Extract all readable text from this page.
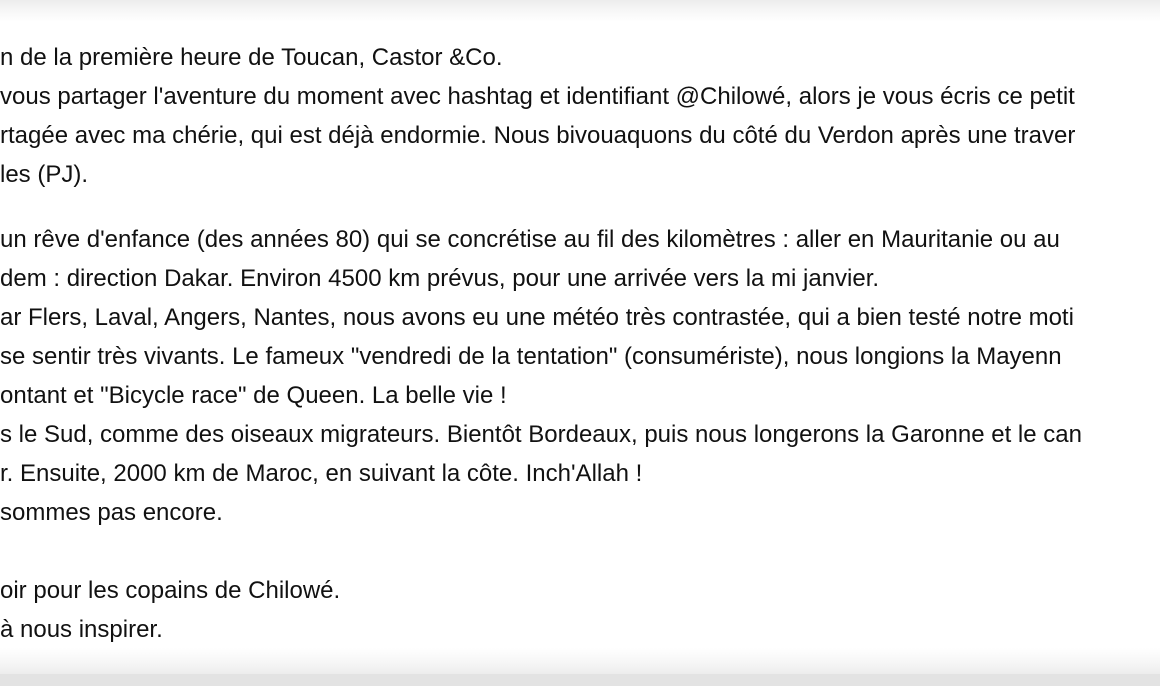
n de la première heure de Toucan, Castor &Co.
vous partager l'aventure du moment avec hashtag et identifiant @Chilowé, alors je vous écris ce petit
rtagée avec ma chérie, qui est déjà endormie. Nous bivouaquons du côté du Verdon après une traver
les (PJ).
un rêve d'enfance (des années 80) qui se concrétise au fil des kilomètres : aller en Mauritanie ou au
dem : direction Dakar. Environ 4500 km prévus, pour une arrivée vers la mi janvier.
ar Flers, Laval, Angers, Nantes, nous avons eu une météo très contrastée, qui a bien testé notre moti
se sentir très vivants. Le fameux "vendredi de la tentation" (consumériste), nous longions la Mayenn
ontant et "Bicycle race" de Queen. La belle vie !
s le Sud, comme des oiseaux migrateurs. Bientôt Bordeaux, puis nous longerons la Garonne et le can
r. Ensuite, 2000 km de Maroc, en suivant la côte. Inch'Allah !
sommes pas encore.
oir pour les copains de Chilowé.
à nous inspirer.
